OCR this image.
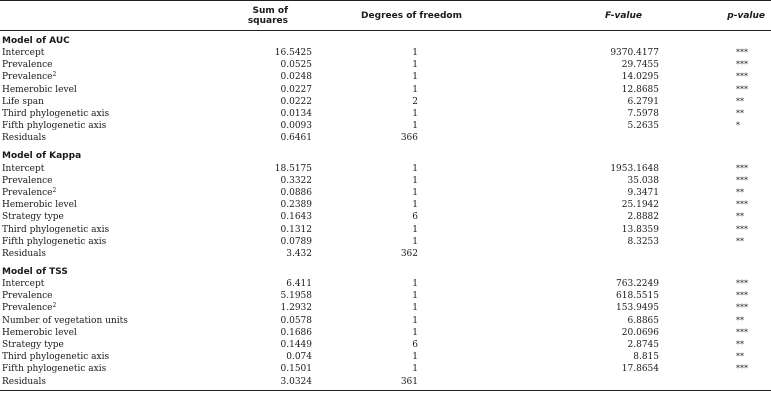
	Sum of squares	Degrees of freedom	F-value	p-value
Model of AUC				
Intercept	16.5425	1	9370.4177	***
Prevalence	0.0525	1	29.7455	***
Prevalence$^2$	0.0248	1	14.0295	***
Hemerobic level	0.0227	1	12.8685	***
Life span	0.0222	2	6.2791	**
Third phylogenetic axis	0.0134	1	7.5978	**
Fifth phylogenetic axis	0.0093	1	5.2635	*
Residuals	0.6461	366		
Model of Kappa				
Intercept	18.5175	1	1953.1648	***
Prevalence	0.3322	1	35.038	***
Prevalence$^2$	0.0886	1	9.3471	**
Hemerobic level	0.2389	1	25.1942	***
Strategy type	0.1643	6	2.8882	**
Third phylogenetic axis	0.1312	1	13.8359	***
Fifth phylogenetic axis	0.0789	1	8.3253	**
Residuals	3.432	362		
Model of TSS				
Intercept	6.411	1	763.2249	***
Prevalence	5.1958	1	618.5515	***
Prevalence$^2$	1.2932	1	153.9495	***
Number of vegetation units	0.0578	1	6.8865	**
Hemerobic level	0.1686	1	20.0696	***
Strategy type	0.1449	6	2.8745	**
Third phylogenetic axis	0.074	1	8.815	**
Fifth phylogenetic axis	0.1501	1	17.8654	***
Residuals	3.0324	361		
